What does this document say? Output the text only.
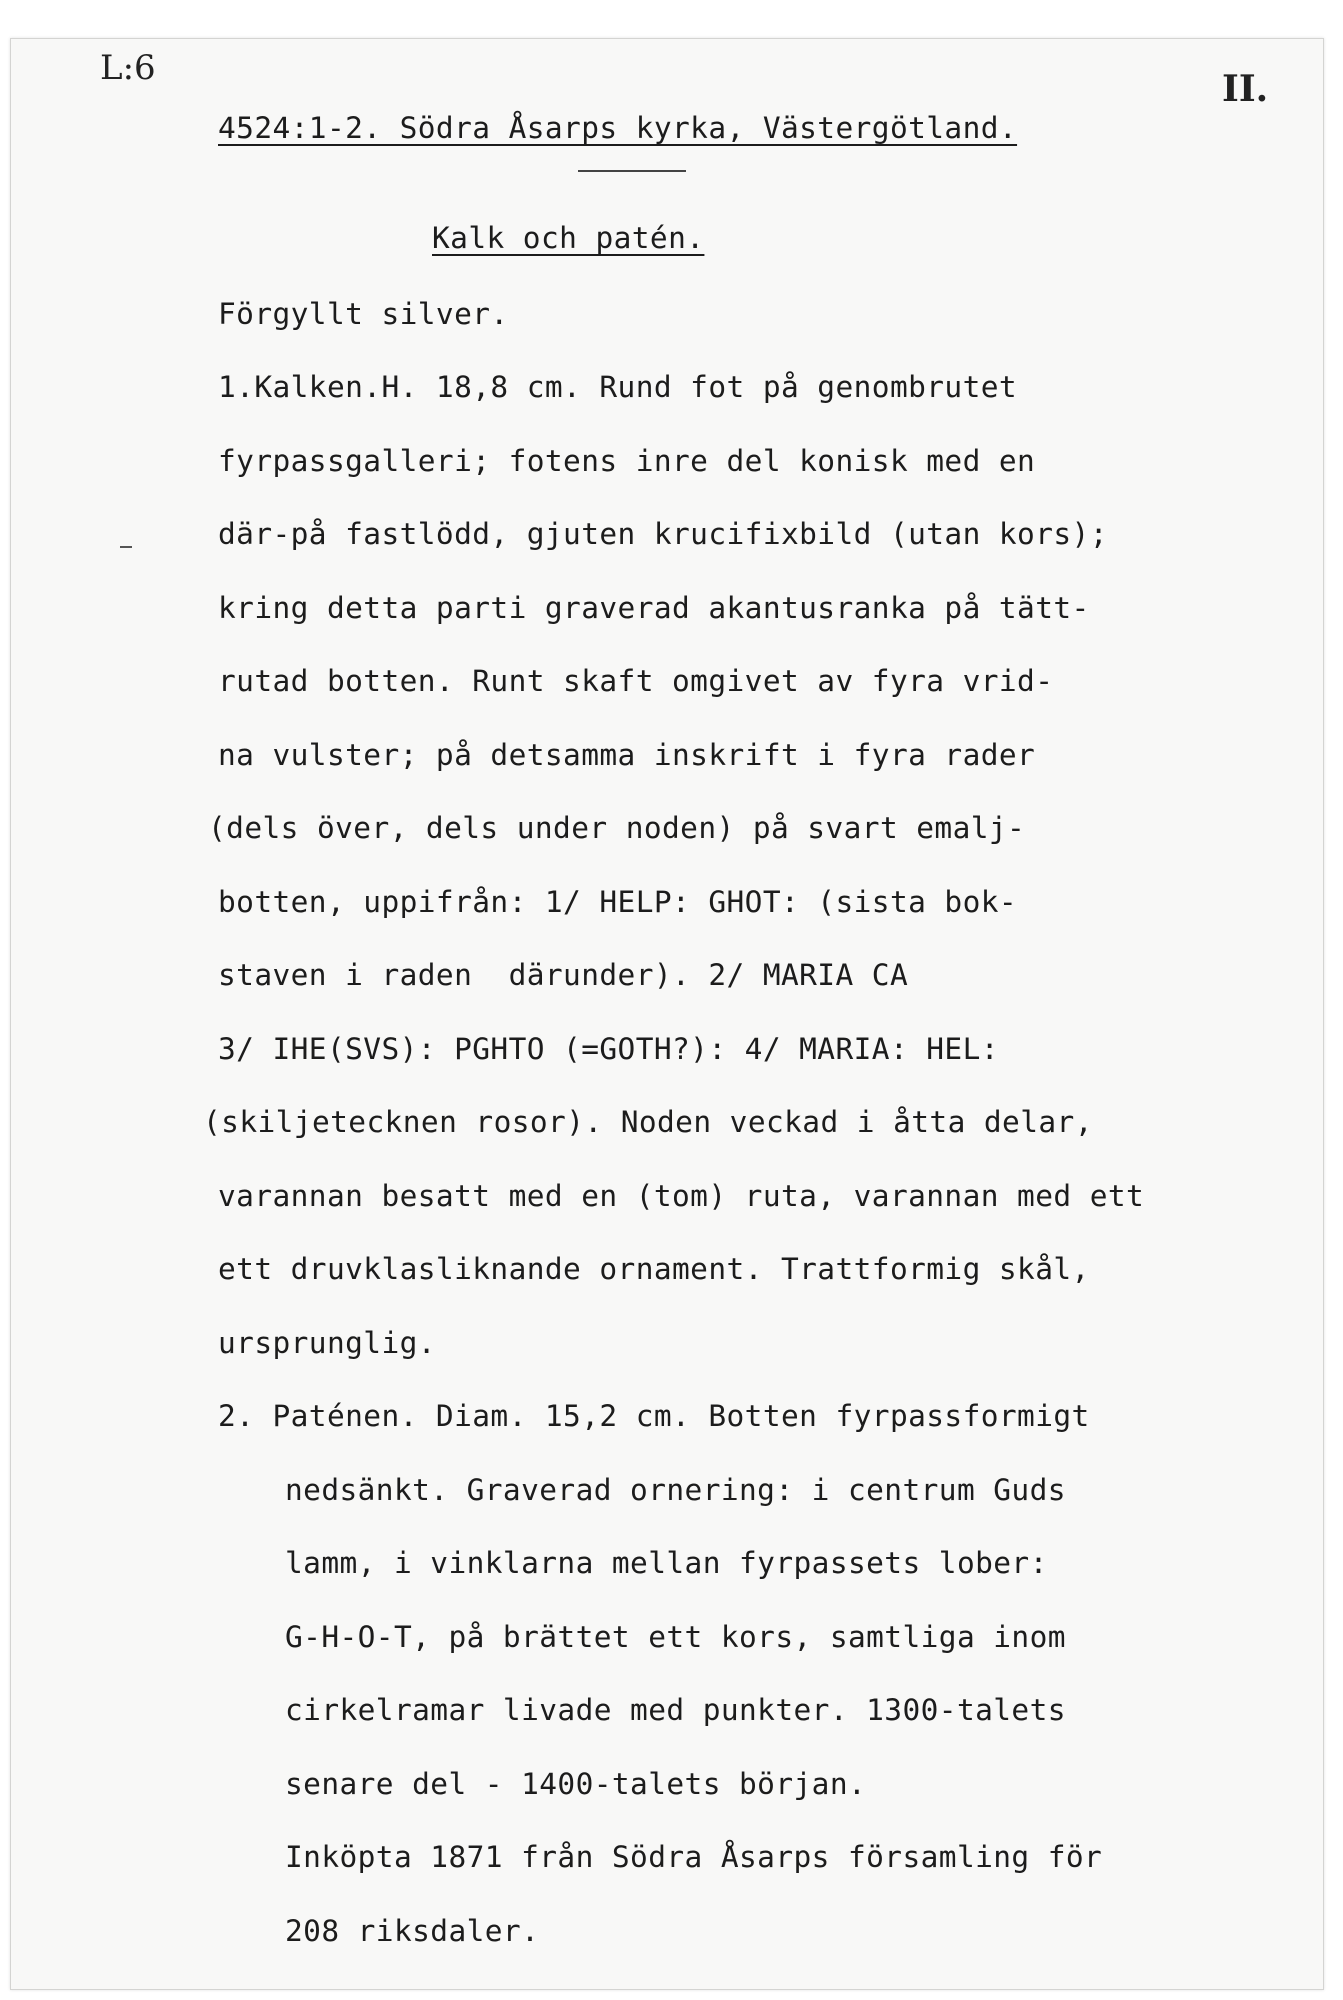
L:6	II.
4524:1-2. Södra Åsarps kyrka, Västergötland.
Kalk och patén.
Förgyllt silver.
1.Kalken.H. 18,8 cm. Rund fot på genombrutet
fyrpassgalleri; fotens inre del konisk med en
där-på fastlödd, gjuten krucifixbild (utan kors);
kring detta parti graverad akantusranka på tätt-
rutad botten. Runt skaft omgivet av fyra vrid-
na vulster; på detsamma inskrift i fyra rader
(dels över, dels under noden) på svart emalj-
botten, uppifrån: 1/ HELP: GHOT: (sista bok-
staven i raden  därunder). 2/ MARIA CA
3/ IHE(SVS): PGHTO (=GOTH?): 4/ MARIA: HEL:
(skiljetecknen rosor). Noden veckad i åtta delar,
varannan besatt med en (tom) ruta, varannan med ett
ett druvklasliknande ornament. Trattformig skål,
ursprunglig.
2. Paténen. Diam. 15,2 cm. Botten fyrpassformigt
nedsänkt. Graverad ornering: i centrum Guds
lamm, i vinklarna mellan fyrpassets lober:
G-H-O-T, på brättet ett kors, samtliga inom
cirkelramar livade med punkter. 1300-talets
senare del - 1400-talets början.
Inköpta 1871 från Södra Åsarps församling för
208 riksdaler.
